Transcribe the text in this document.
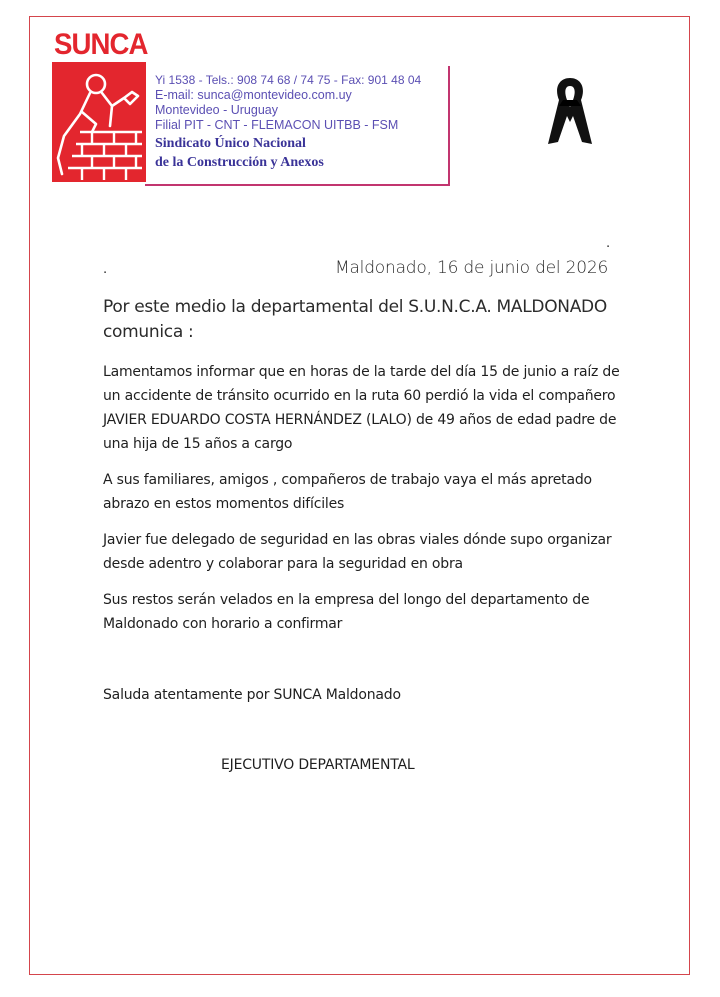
SUNCA
Yi 1538 - Tels.: 908 74 68 / 74 75 - Fax: 901 48 04
E-mail: sunca@montevideo.com.uy
Montevideo - Uruguay
Filial PIT - CNT - FLEMACON UITBB - FSM
Sindicato Único Nacional
de la Construcción y Anexos
.
.	Maldonado, 16 de junio del 2026
Por este medio la departamental del S.U.N.C.A. MALDONADO comunica :
Lamentamos informar que en horas de la tarde del día 15 de junio a raíz de
un accidente de tránsito ocurrido en la ruta 60 perdió la vida el compañero
JAVIER EDUARDO COSTA HERNÁNDEZ (LALO) de 49 años de edad padre de
una hija de 15 años a cargo
A sus familiares, amigos , compañeros de trabajo vaya el más apretado
abrazo en estos momentos difíciles
Javier fue delegado de seguridad en las obras viales dónde supo organizar
desde adentro y colaborar para la seguridad en obra
Sus restos serán velados en la empresa del longo del departamento de
Maldonado con horario a confirmar
Saluda atentamente por SUNCA Maldonado
EJECUTIVO DEPARTAMENTAL
